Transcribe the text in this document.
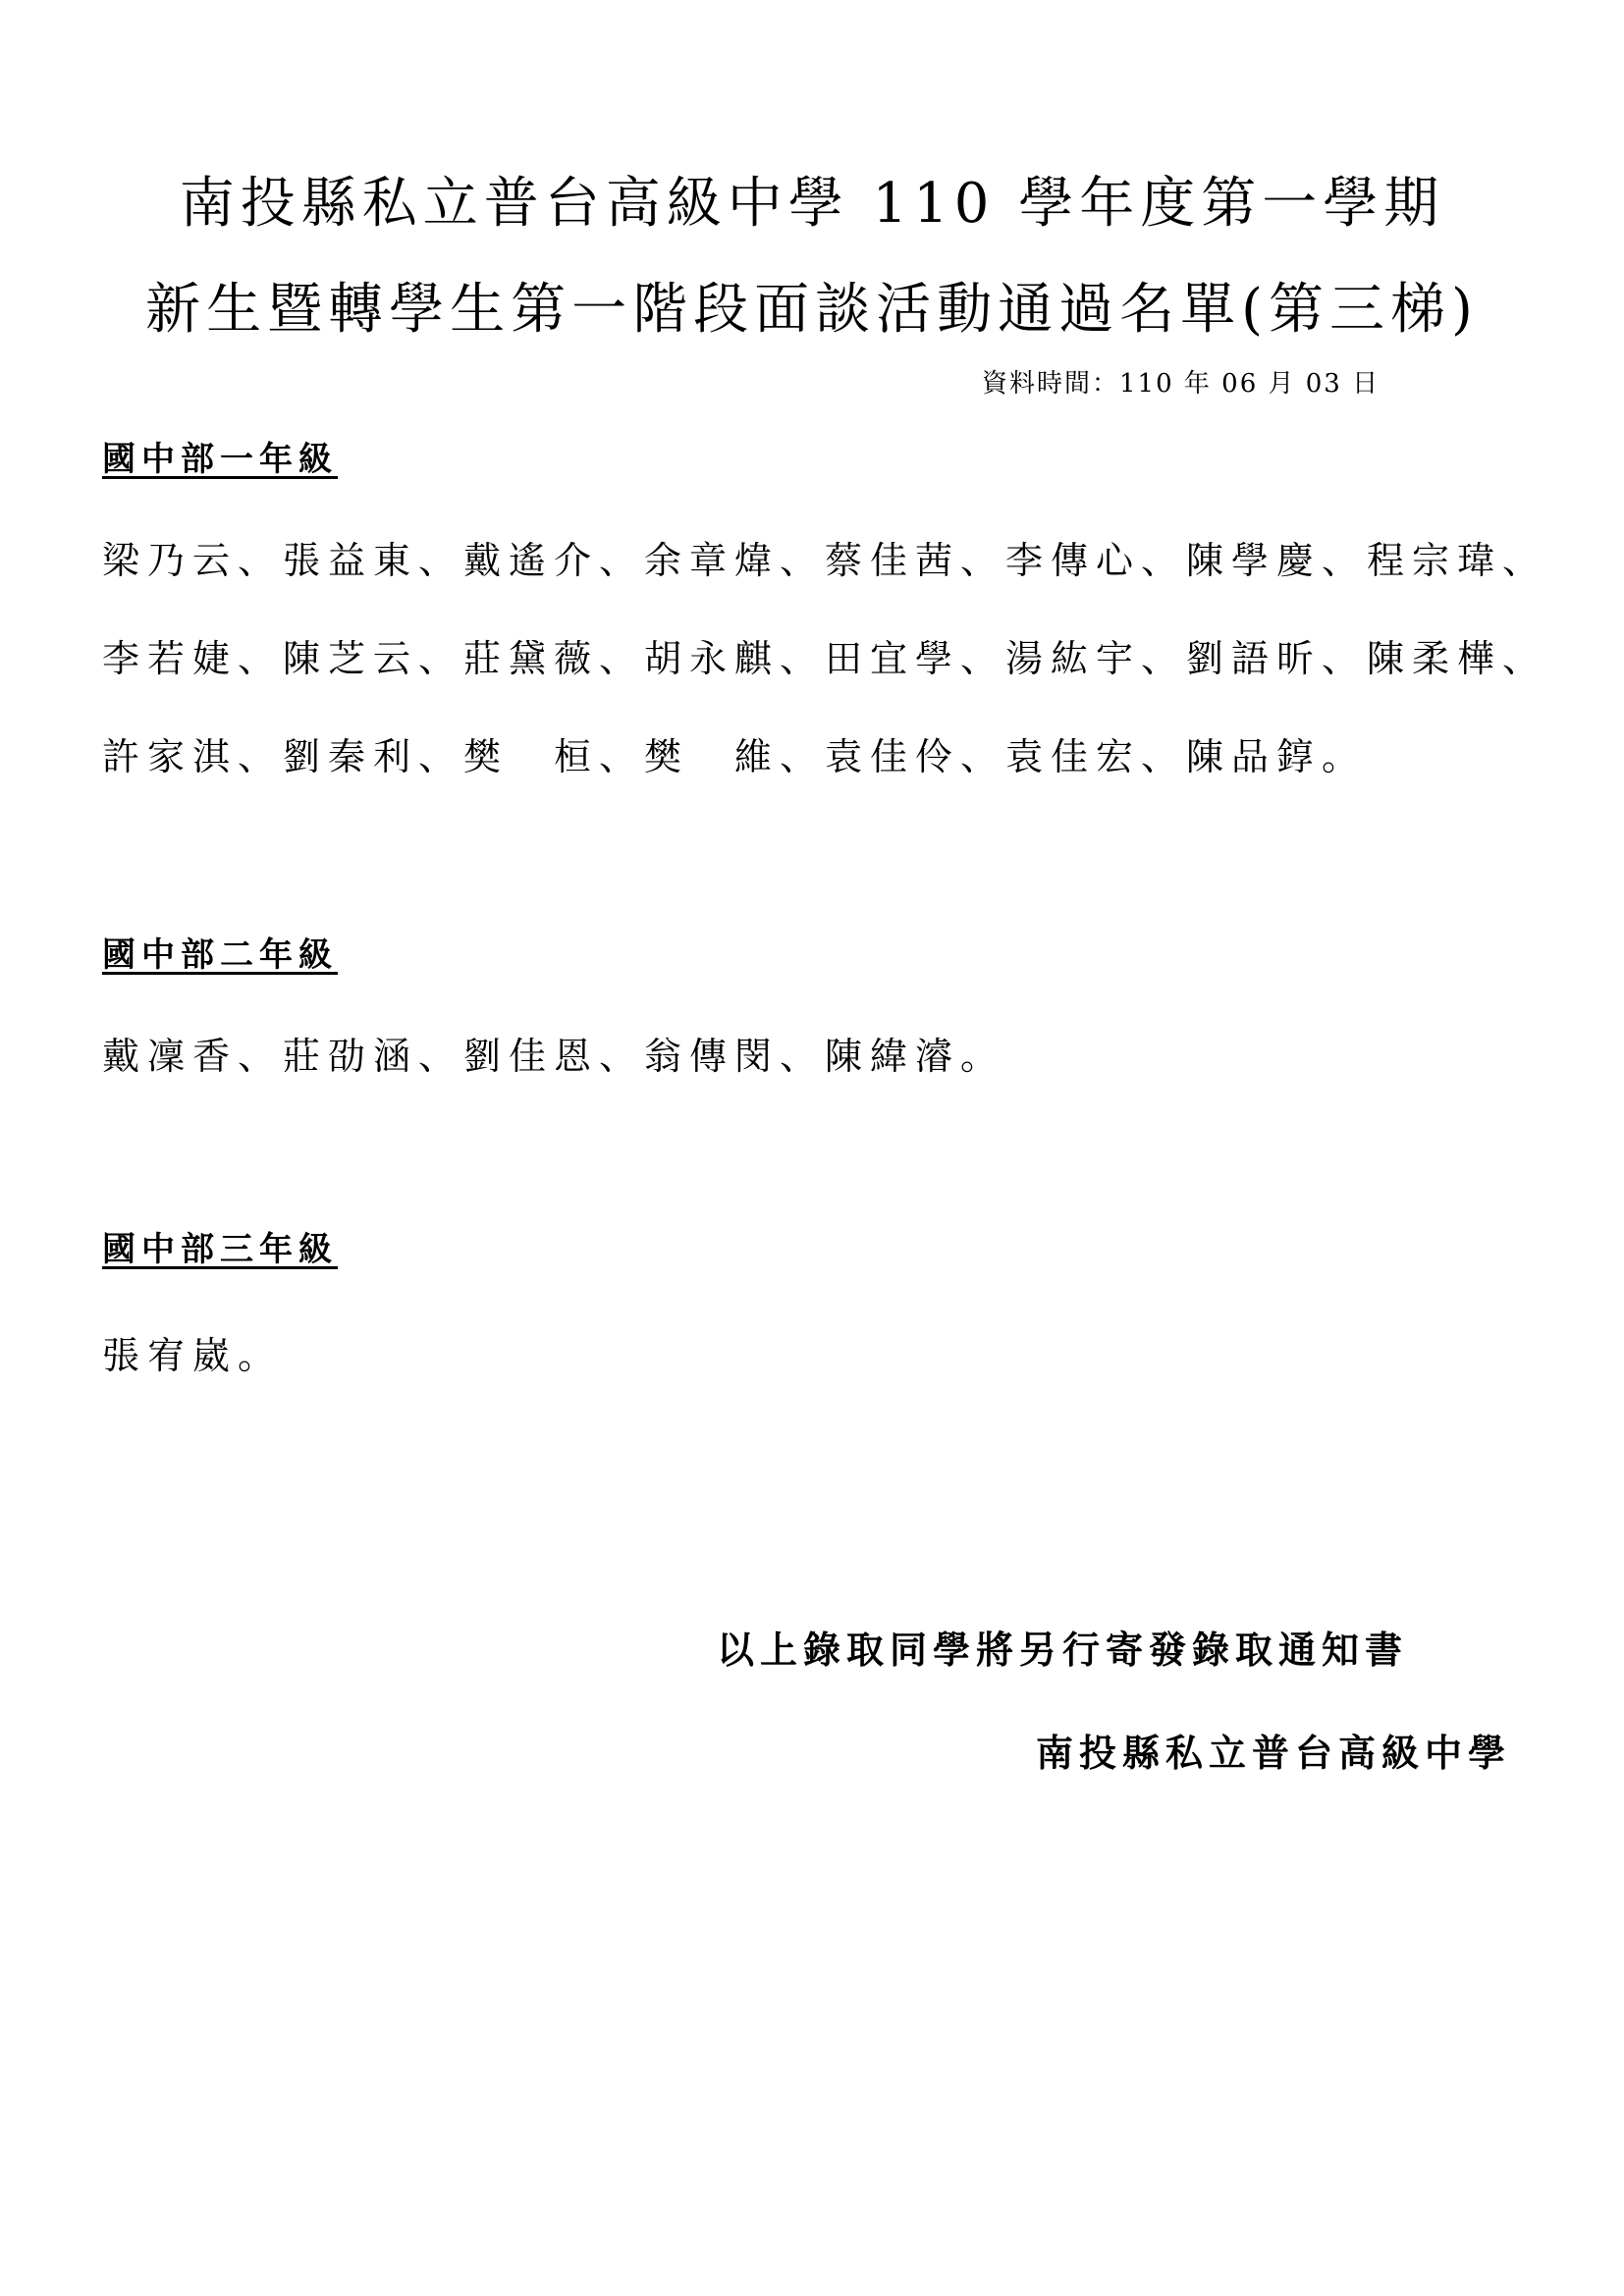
南投縣私立普台高級中學 110 學年度第一學期
新生暨轉學生第一階段面談活動通過名單(第三梯)
資料時間：110 年 06 月 03 日
國中部一年級
梁乃云、張益東、戴遙介、余章煒、蔡佳茜、李傳心、陳學慶、程宗瑋、
李若婕、陳芝云、莊黛薇、胡永麒、田宜學、湯紘宇、劉語昕、陳柔樺、
許家淇、劉秦利、樊　桓、樊　維、袁佳伶、袁佳宏、陳品錞。
國中部二年級
戴凜香、莊劭涵、劉佳恩、翁傳閔、陳緯濬。
國中部三年級
張宥崴。
以上錄取同學將另行寄發錄取通知書
南投縣私立普台高級中學
